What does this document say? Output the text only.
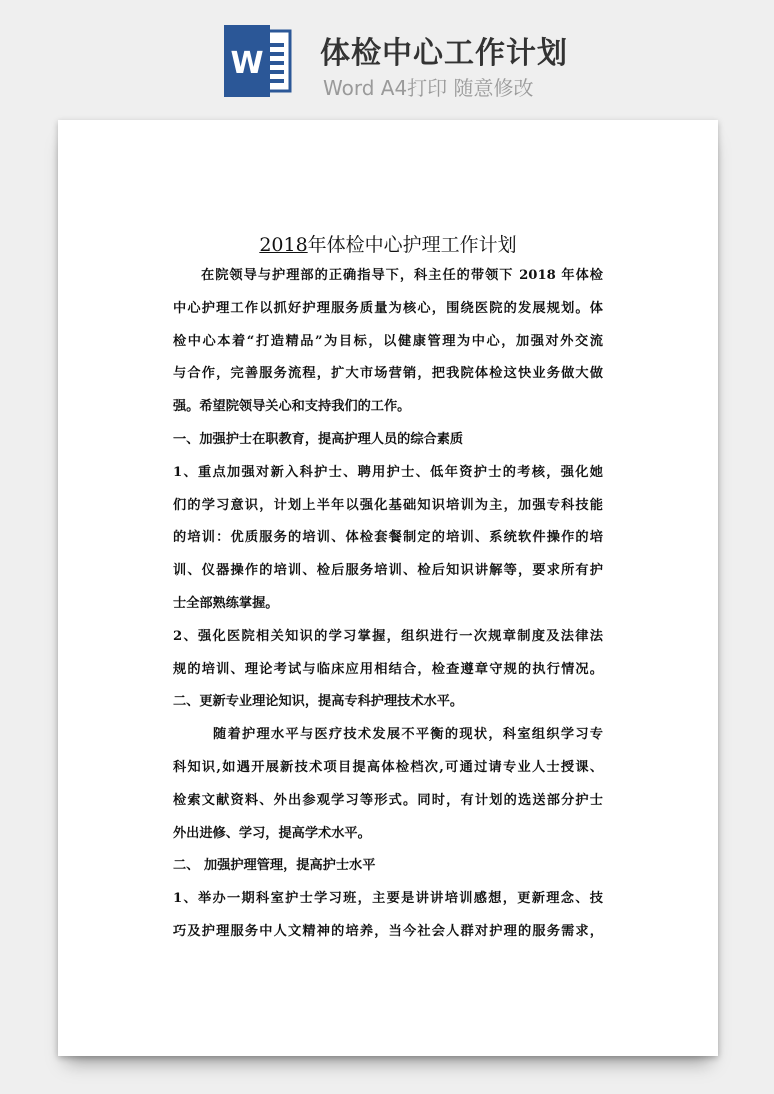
W 体检中心工作计划
Word A4打印 随意修改
2018年体检中心护理工作计划
在院领导与护理部的正确指导下，科主任的带领下 2018 年体检
中心护理工作以抓好护理服务质量为核心，围绕医院的发展规划。体
检中心本着“打造精品”为目标，以健康管理为中心，加强对外交流
与合作，完善服务流程，扩大市场营销，把我院体检这快业务做大做
强。希望院领导关心和支持我们的工作。
一、加强护士在职教育，提高护理人员的综合素质
1、重点加强对新入科护士、聘用护士、低年资护士的考核，强化她
们的学习意识，计划上半年以强化基础知识培训为主，加强专科技能
的培训：优质服务的培训、体检套餐制定的培训、系统软件操作的培
训、仪器操作的培训、检后服务培训、检后知识讲解等，要求所有护
士全部熟练掌握。
2、强化医院相关知识的学习掌握，组织进行一次规章制度及法律法
规的培训、理论考试与临床应用相结合，检查遵章守规的执行情况。
二、更新专业理论知识，提高专科护理技术水平。
随着护理水平与医疗技术发展不平衡的现状，科室组织学习专
科知识,如遇开展新技术项目提高体检档次,可通过请专业人士授课、
检索文献资料、外出参观学习等形式。同时，有计划的选送部分护士
外出进修、学习，提高学术水平。
二、 加强护理管理，提高护士水平
1、举办一期科室护士学习班，主要是讲讲培训感想，更新理念、技
巧及护理服务中人文精神的培养，当今社会人群对护理的服务需求，
